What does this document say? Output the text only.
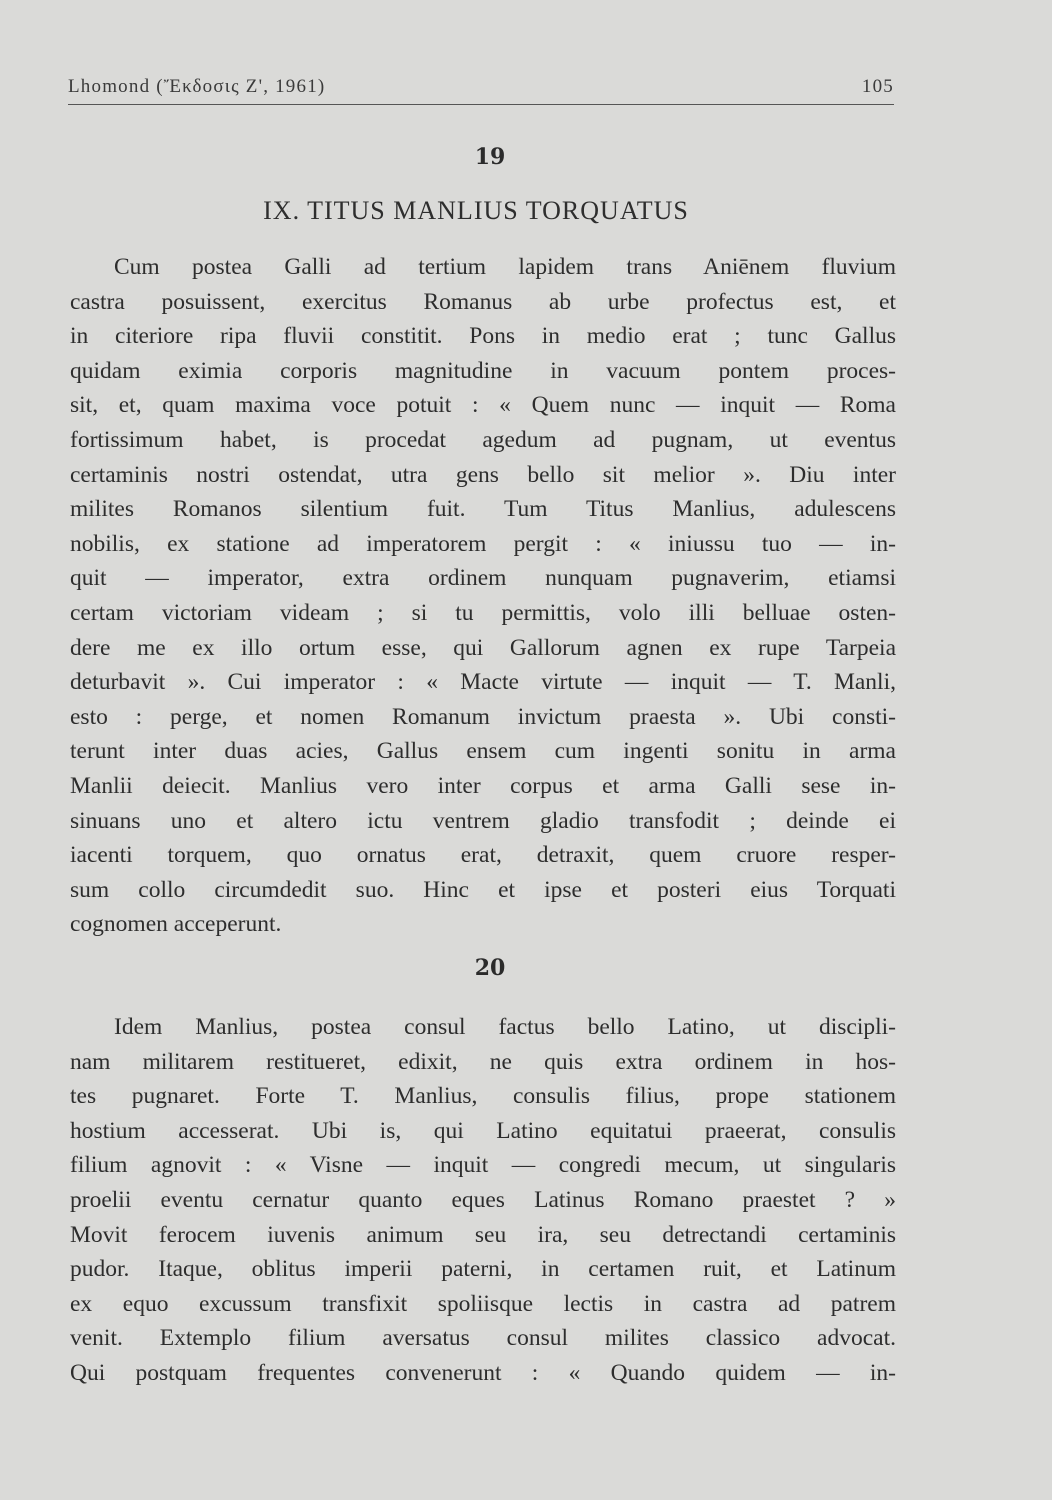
Lhomond (Ἔκδοσις Ζ', 1961)	105
19
IX. TITUS MANLIUS TORQUATUS
Cum postea Galli ad tertium lapidem trans Aniēnem fluvium
castra posuissent, exercitus Romanus ab urbe profectus est, et
in citeriore ripa fluvii constitit. Pons in medio erat ; tunc Gallus
quidam eximia corporis magnitudine in vacuum pontem proces-
sit, et, quam maxima voce potuit : « Quem nunc — inquit — Roma
fortissimum habet, is procedat agedum ad pugnam, ut eventus
certaminis nostri ostendat, utra gens bello sit melior ». Diu inter
milites Romanos silentium fuit. Tum Titus Manlius, adulescens
nobilis, ex statione ad imperatorem pergit : « iniussu tuo — in-
quit — imperator, extra ordinem nunquam pugnaverim, etiamsi
certam victoriam videam ; si tu permittis, volo illi belluae osten-
dere me ex illo ortum esse, qui Gallorum agnen ex rupe Tarpeia
deturbavit ». Cui imperator : « Macte virtute — inquit — T. Manli,
esto : perge, et nomen Romanum invictum praesta ». Ubi consti-
terunt inter duas acies, Gallus ensem cum ingenti sonitu in arma
Manlii deiecit. Manlius vero inter corpus et arma Galli sese in-
sinuans uno et altero ictu ventrem gladio transfodit ; deinde ei
iacenti torquem, quo ornatus erat, detraxit, quem cruore resper-
sum collo circumdedit suo. Hinc et ipse et posteri eius Torquati
cognomen acceperunt.
20
Idem Manlius, postea consul factus bello Latino, ut discipli-
nam militarem restitueret, edixit, ne quis extra ordinem in hos-
tes pugnaret. Forte T. Manlius, consulis filius, prope stationem
hostium accesserat. Ubi is, qui Latino equitatui praeerat, consulis
filium agnovit : « Visne — inquit — congredi mecum, ut singularis
proelii eventu cernatur quanto eques Latinus Romano praestet ? »
Movit ferocem iuvenis animum seu ira, seu detrectandi certaminis
pudor. Itaque, oblitus imperii paterni, in certamen ruit, et Latinum
ex equo excussum transfixit spoliisque lectis in castra ad patrem
venit. Extemplo filium aversatus consul milites classico advocat.
Qui postquam frequentes convenerunt : « Quando quidem — in-
